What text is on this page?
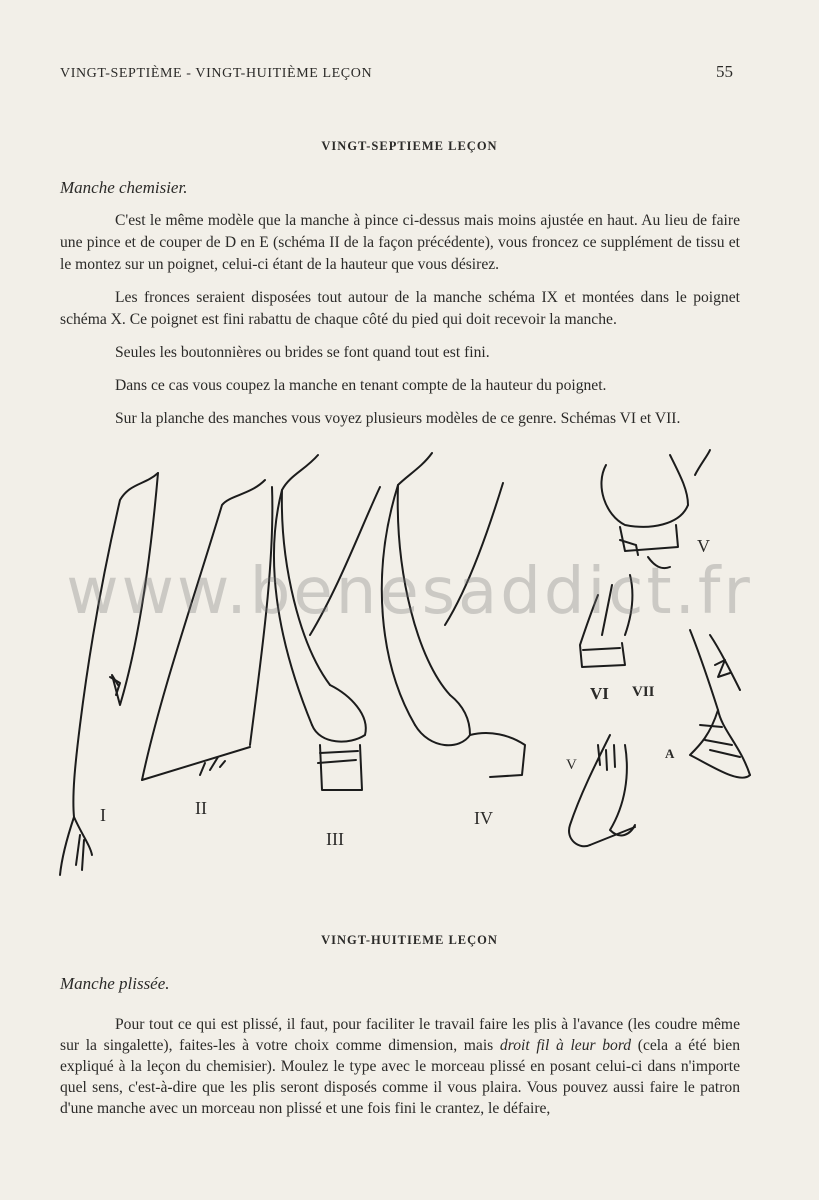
VINGT-SEPTIÈME - VINGT-HUITIÈME LEÇON	55
VINGT-SEPTIEME LEÇON
Manche chemisier.

C'est le même modèle que la manche à pince ci-dessus mais moins ajustée en haut. Au lieu de faire une pince et de couper de D en E (schéma II de la façon précédente), vous froncez ce supplément de tissu et le montez sur un poignet, celui-ci étant de la hauteur que vous désirez.

Les fronces seraient disposées tout autour de la manche schéma IX et montées dans le poignet schéma X. Ce poignet est fini rabattu de chaque côté du pied qui doit recevoir la manche.

Seules les boutonnières ou brides se font quand tout est fini.

Dans ce cas vous coupez la manche en tenant compte de la hauteur du poignet.

Sur la planche des manches vous voyez plusieurs modèles de ce genre. Schémas VI et VII.

I	II
III
IV
V
VI VII
V
A
www.benesaddict.fr
VINGT-HUITIEME LEÇON
Manche plissée.

Pour tout ce qui est plissé, il faut, pour faciliter le travail faire les plis à l'avance (les coudre même sur la singalette), faites-les à votre choix comme dimension, mais droit fil à leur bord (cela a été bien expliqué à la leçon du chemisier). Moulez le type avec le morceau plissé en posant celui-ci dans n'importe quel sens, c'est-à-dire que les plis seront disposés comme il vous plaira. Vous pouvez aussi faire le patron d'une manche avec un morceau non plissé et une fois fini le crantez, le défaire,
